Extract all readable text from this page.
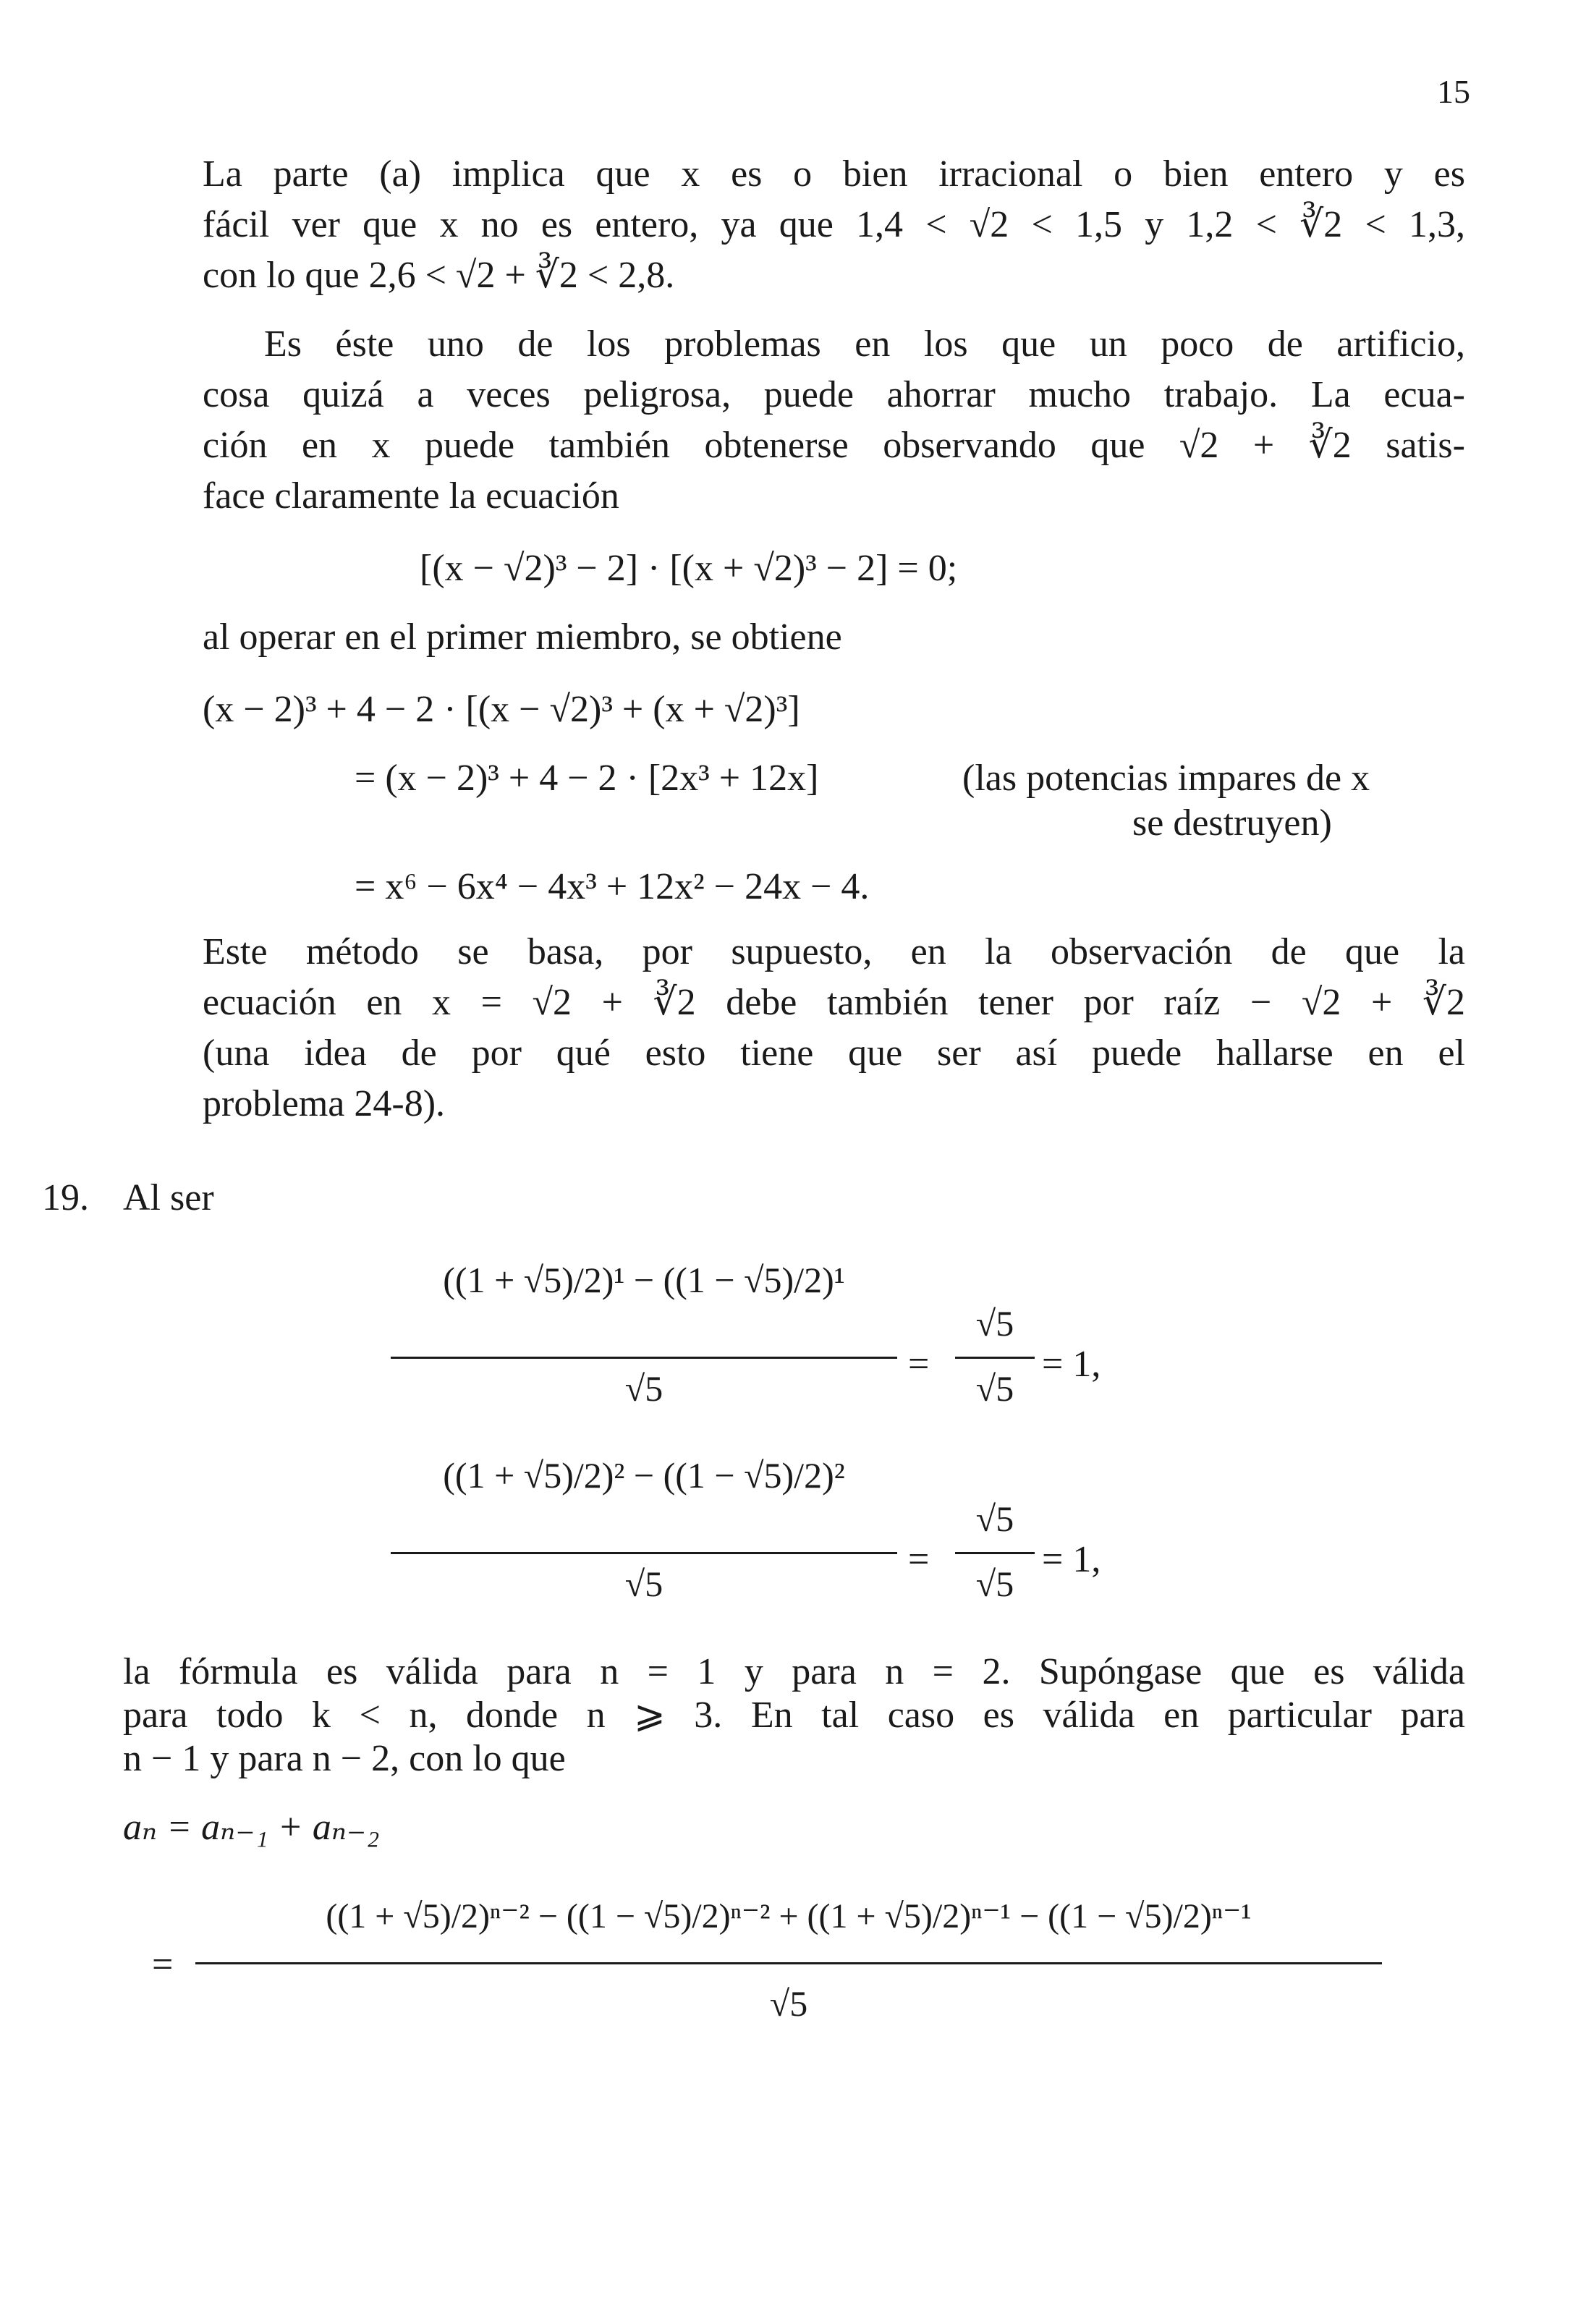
15
La parte (a) implica que x es o bien irracional o bien entero y es
fácil ver que x no es entero, ya que 1,4 < √2 < 1,5 y 1,2 < ∛2 < 1,3,
con lo que 2,6 < √2 + ∛2 < 2,8.
Es éste uno de los problemas en los que un poco de artificio,
cosa quizá a veces peligrosa, puede ahorrar mucho trabajo. La ecua-
ción en x puede también obtenerse observando que √2 + ∛2 satis-
face claramente la ecuación
[(x − √2)³ − 2] · [(x + √2)³ − 2] = 0;
al operar en el primer miembro, se obtiene
(x − 2)³ + 4 − 2 · [(x − √2)³ + (x + √2)³]
= (x − 2)³ + 4 − 2 · [2x³ + 12x]	(las potencias impares de x
se destruyen)
= x⁶ − 6x⁴ − 4x³ + 12x² − 24x − 4.
Este método se basa, por supuesto, en la observación de que la
ecuación en x = √2 + ∛2 debe también tener por raíz − √2 + ∛2
(una idea de por qué esto tiene que ser así puede hallarse en el
problema 24-8).
19. Al ser
((1 + √5)/2)¹ − ((1 − √5)/2)¹
√5
=
√5
√5
= 1,
((1 + √5)/2)² − ((1 − √5)/2)²
√5
=
√5
√5
= 1,
la fórmula es válida para n = 1 y para n = 2. Supóngase que es válida
para todo k < n, donde n ⩾ 3. En tal caso es válida en particular para
n − 1 y para n − 2, con lo que
aₙ = aₙ₋₁ + aₙ₋₂
=
((1 + √5)/2)ⁿ⁻² − ((1 − √5)/2)ⁿ⁻² + ((1 + √5)/2)ⁿ⁻¹ − ((1 − √5)/2)ⁿ⁻¹
√5
